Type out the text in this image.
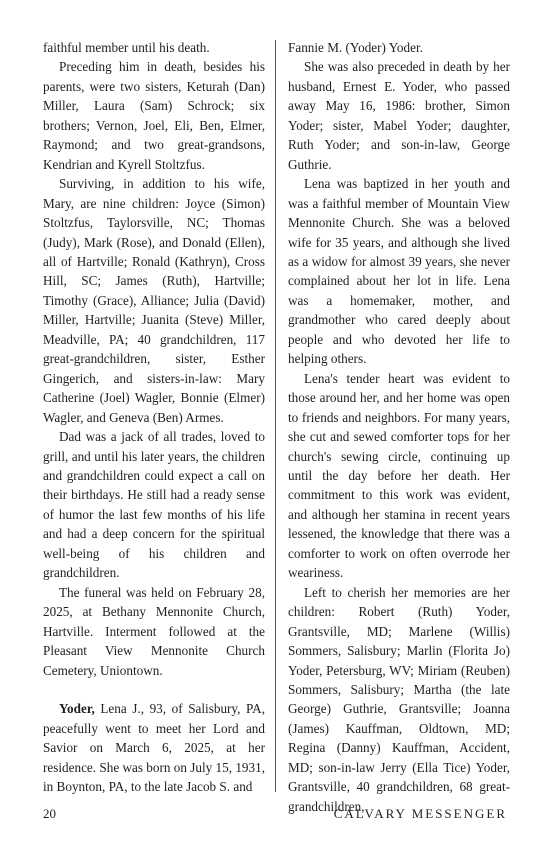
faithful member until his death.

Preceding him in death, besides his parents, were two sisters, Keturah (Dan) Miller, Laura (Sam) Schrock; six brothers; Vernon, Joel, Eli, Ben, Elmer, Raymond; and two great-grandsons, Kendrian and Kyrell Stoltzfus.

Surviving, in addition to his wife, Mary, are nine children: Joyce (Simon) Stoltzfus, Taylorsville, NC; Thomas (Judy), Mark (Rose), and Donald (Ellen), all of Hartville; Ronald (Kathryn), Cross Hill, SC; James (Ruth), Hartville; Timothy (Grace), Alliance; Julia (David) Miller, Hartville; Juanita (Steve) Miller, Meadville, PA; 40 grandchildren, 117 great-grandchildren, sister, Esther Gingerich, and sisters-in-law: Mary Catherine (Joel) Wagler, Bonnie (Elmer) Wagler, and Geneva (Ben) Armes.

Dad was a jack of all trades, loved to grill, and until his later years, the children and grandchildren could expect a call on their birthdays. He still had a ready sense of humor the last few months of his life and had a deep concern for the spiritual well-being of his children and grandchildren.

The funeral was held on February 28, 2025, at Bethany Mennonite Church, Hartville. Interment followed at the Pleasant View Mennonite Church Cemetery, Uniontown.

Yoder, Lena J., 93, of Salisbury, PA, peacefully went to meet her Lord and Savior on March 6, 2025, at her residence. She was born on July 15, 1931, in Boynton, PA, to the late Jacob S. and

Fannie M. (Yoder) Yoder.

She was also preceded in death by her husband, Ernest E. Yoder, who passed away May 16, 1986: brother, Simon Yoder; sister, Mabel Yoder; daughter, Ruth Yoder; and son-in-law, George Guthrie.

Lena was baptized in her youth and was a faithful member of Mountain View Mennonite Church. She was a beloved wife for 35 years, and although she lived as a widow for almost 39 years, she never complained about her lot in life. Lena was a homemaker, mother, and grandmother who cared deeply about people and who devoted her life to helping others.

Lena's tender heart was evident to those around her, and her home was open to friends and neighbors. For many years, she cut and sewed comforter tops for her church's sewing circle, continuing up until the day before her death. Her commitment to this work was evident, and although her stamina in recent years lessened, the knowledge that there was a comforter to work on often overrode her weariness.

Left to cherish her memories are her children: Robert (Ruth) Yoder, Grantsville, MD; Marlene (Willis) Sommers, Salisbury; Marlin (Florita Jo) Yoder, Petersburg, WV; Miriam (Reuben) Sommers, Salisbury; Martha (the late George) Guthrie, Grantsville; Joanna (James) Kauffman, Oldtown, MD; Regina (Danny) Kauffman, Accident, MD; son-in-law Jerry (Ella Tice) Yoder, Grantsville, 40 grandchildren, 68 great-grandchildren,

20	CALVARY MESSENGER
